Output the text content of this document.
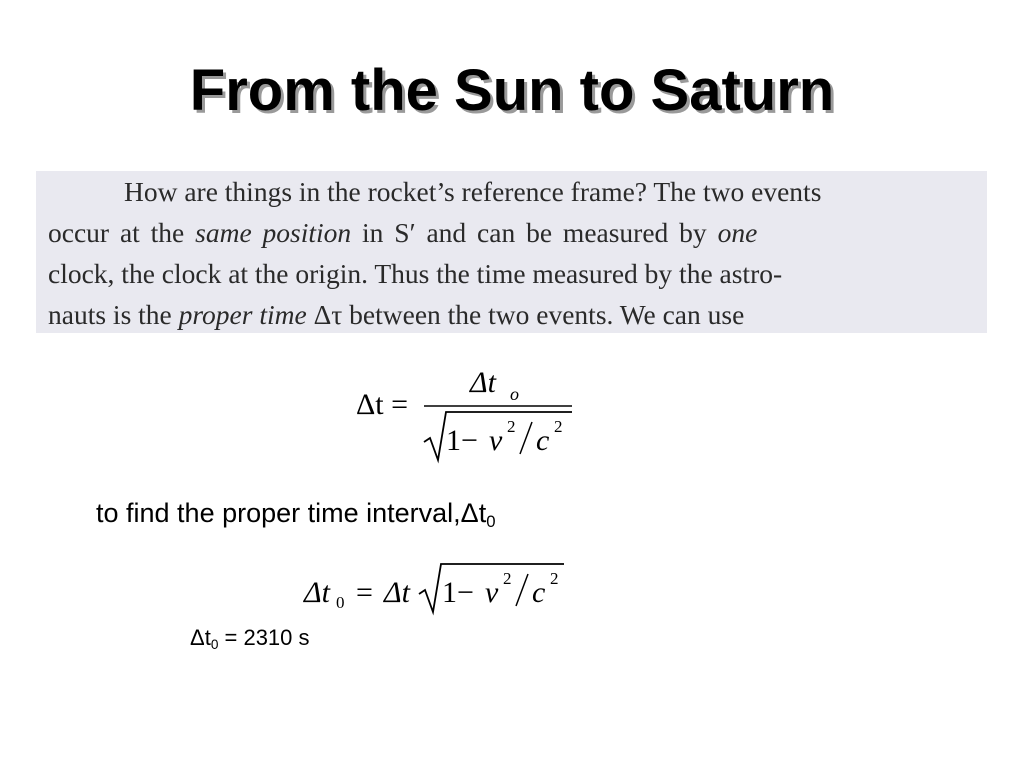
From the Sun to Saturn
How are things in the rocket’s reference frame? The two events
occur at the same position in S′ and can be measured by one
clock, the clock at the origin. Thus the time measured by the astro-
nauts is the proper time Δτ between the two events. We can use
Δt =
Δt o
1− v 2 c 2
to find the proper time $interval,\Delta t_0$
Δt 0 = Δt 1− v 2 c 2
$\Delta t_0 = 2310$ s
